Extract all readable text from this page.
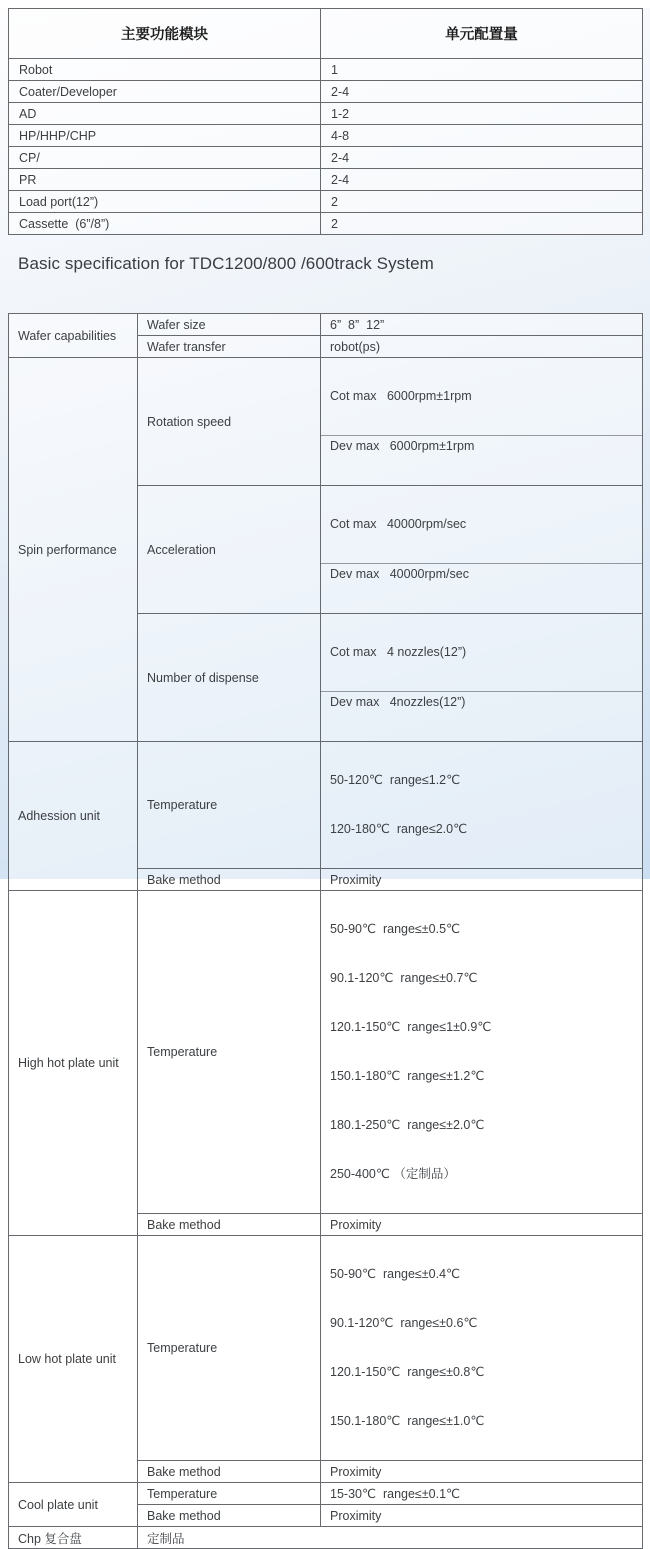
主要功能模块	单元配置量
Robot	1
Coater/Developer	2-4
AD	1-2
HP/HHP/CHP	4-8
CP/	2-4
PR	2-4
Load port(12”)	2
Cassette  (6”/8”)	2
Basic specification for TDC1200/800 /600track System
Wafer capabilities	Wafer size	6”  8”  12”
	Wafer transfer	robot(ps)
Spin performance	Rotation speed	Cot max   6000rpm±1rpm

Dev max   6000rpm±1rpm

	Acceleration	Cot max   40000rpm/sec

Dev max   40000rpm/sec

	Number of dispense	Cot max   4 nozzles(12”)

Dev max   4nozzles(12”)

Adhession unit	Temperature	50-120℃  range≤1.2℃

120-180℃  range≤2.0℃

	Bake method	Proximity
High hot plate unit	Temperature	

50-90℃  range≤±0.5℃

90.1-120℃  range≤±0.7℃

120.1-150℃  range≤1±0.9℃

150.1-180℃  range≤±1.2℃

180.1-250℃  range≤±2.0℃

250-400℃ （定制品）

	Bake method	Proximity
Low hot plate unit	Temperature	50-90℃  range≤±0.4℃

90.1-120℃  range≤±0.6℃

120.1-150℃  range≤±0.8℃

150.1-180℃  range≤±1.0℃

	Bake method	Proximity
Cool plate unit	Temperature	15-30℃  range≤±0.1℃
	Bake method	Proximity
Chp 复合盘	定制品	
